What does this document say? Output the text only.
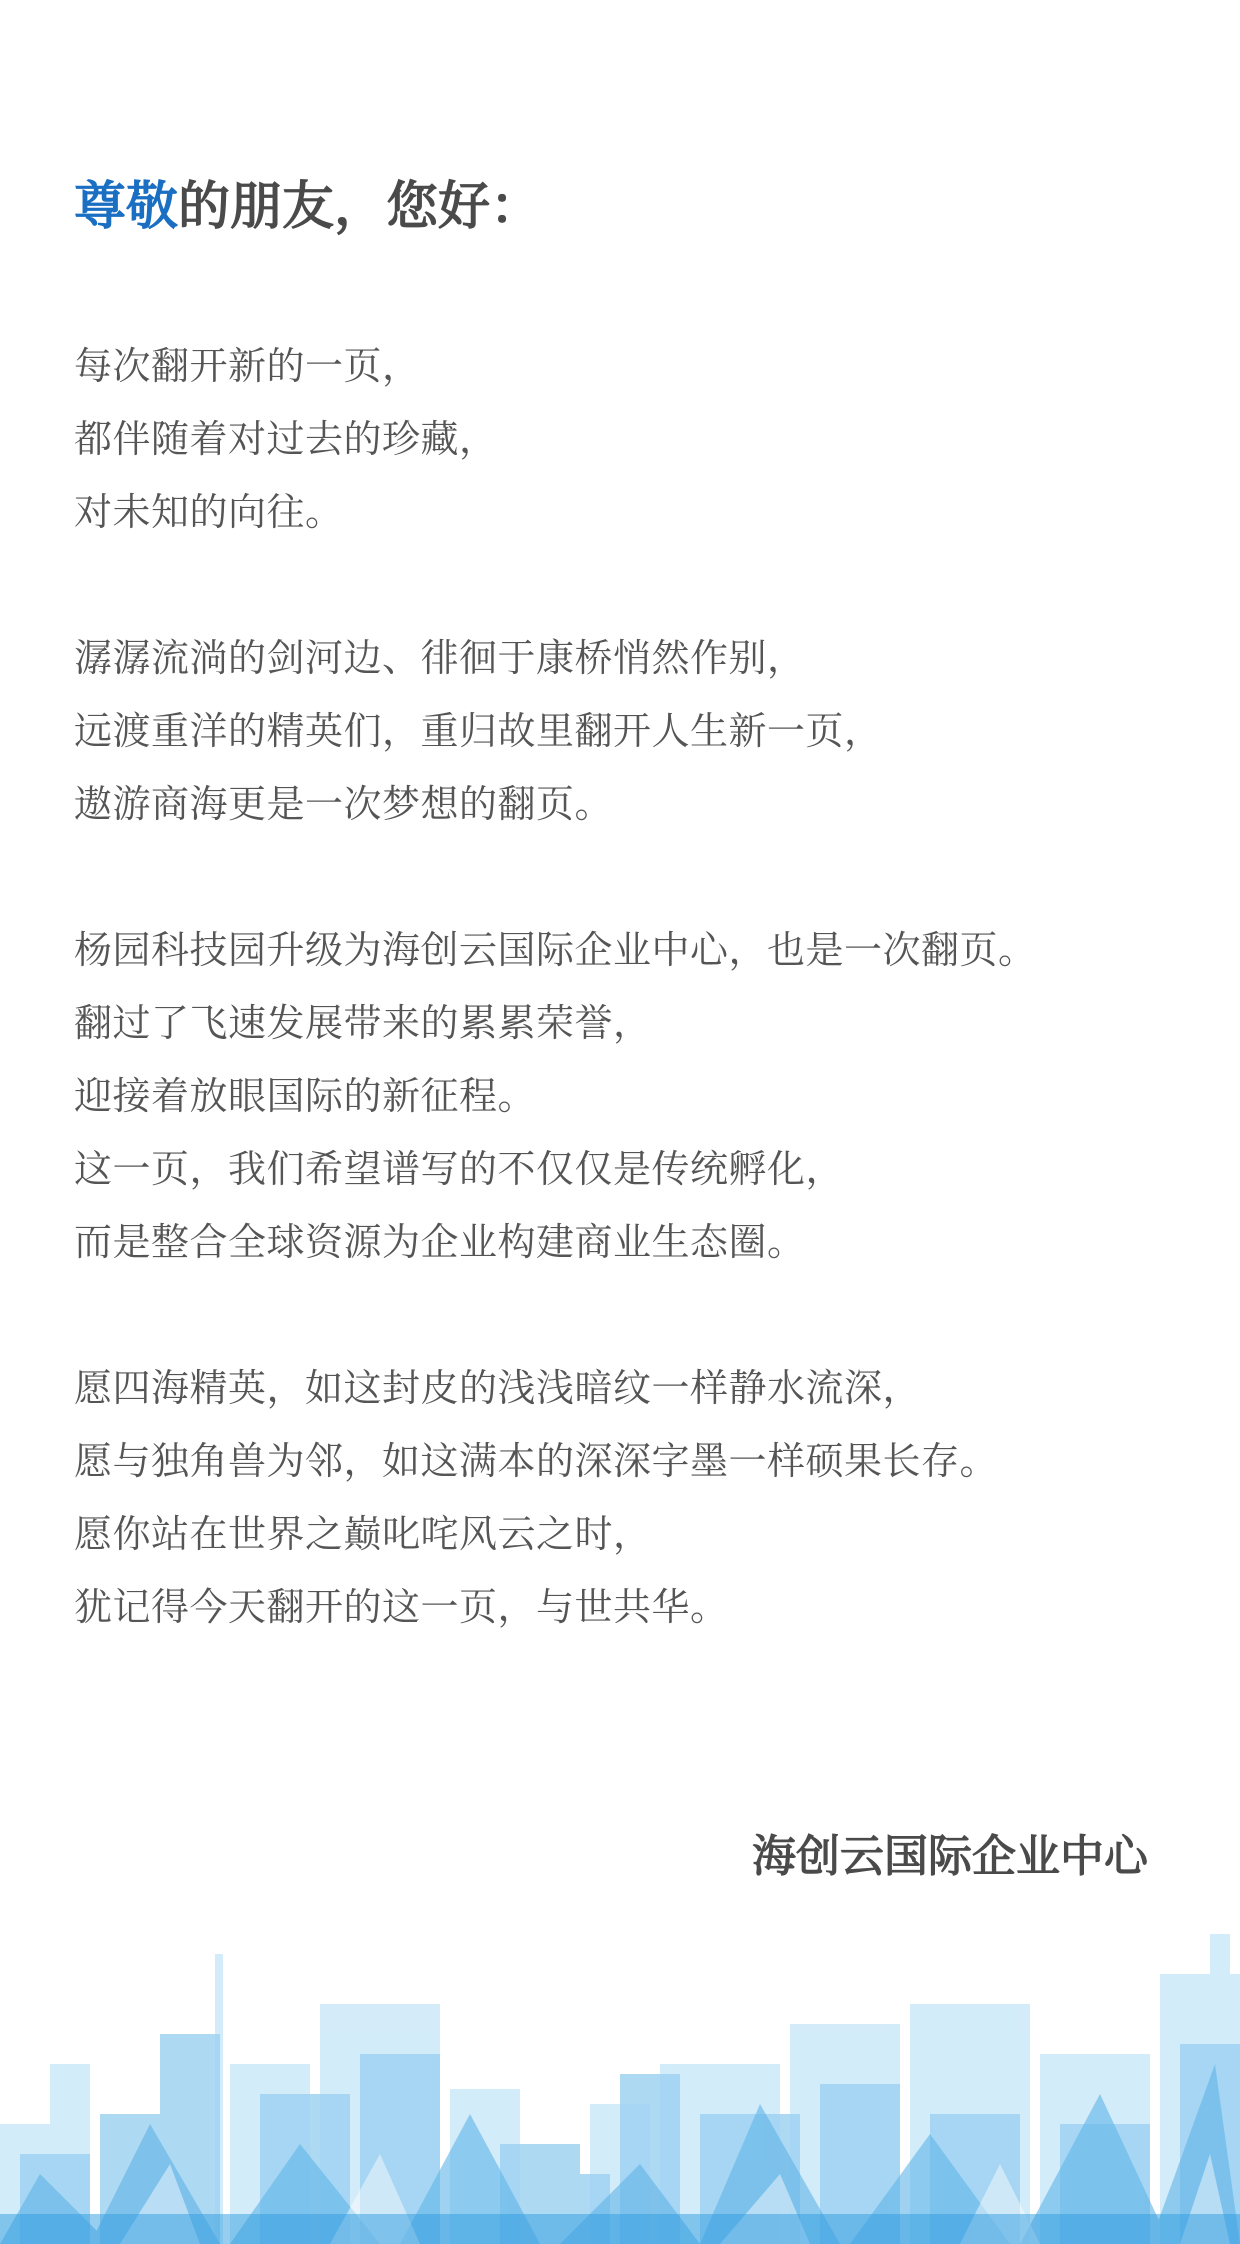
尊敬的朋友，您好：
每次翻开新的一页，
都伴随着对过去的珍藏，
对未知的向往。
潺潺流淌的剑河边、徘徊于康桥悄然作别，
远渡重洋的精英们，重归故里翻开人生新一页，
遨游商海更是一次梦想的翻页。
杨园科技园升级为海创云国际企业中心，也是一次翻页。
翻过了飞速发展带来的累累荣誉，
迎接着放眼国际的新征程。
这一页，我们希望谱写的不仅仅是传统孵化，
而是整合全球资源为企业构建商业生态圈。
愿四海精英，如这封皮的浅浅暗纹一样静水流深，
愿与独角兽为邻，如这满本的深深字墨一样硕果长存。
愿你站在世界之巅叱咤风云之时，
犹记得今天翻开的这一页，与世共华。
海创云国际企业中心
